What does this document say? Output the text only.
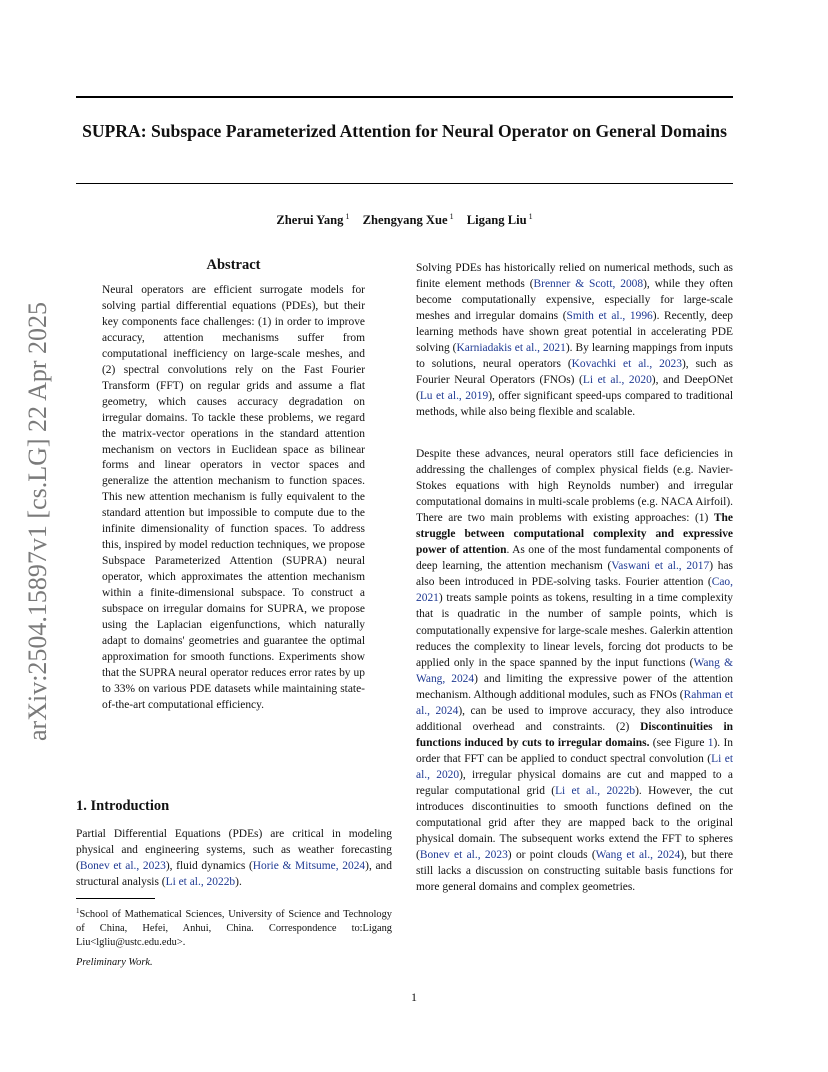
SUPRA: Subspace Parameterized Attention for Neural Operator on General Domains
Zherui Yang $^1$ Zhengyang Xue $^1$ Ligang Liu $^1$
arXiv:2504.15897v1 [cs.LG] 22 Apr 2025
Abstract

Neural operators are efficient surrogate models for solving partial differential equations (PDEs), but their key components face challenges: (1) in order to improve accuracy, attention mechanisms suffer from computational inefficiency on large-scale meshes, and (2) spectral convolutions rely on the Fast Fourier Transform (FFT) on regular grids and assume a flat geometry, which causes accuracy degradation on irregular domains. To tackle these problems, we regard the matrix-vector operations in the standard attention mechanism on vectors in Euclidean space as bilinear forms and linear operators in vector spaces and generalize the attention mechanism to function spaces. This new attention mechanism is fully equivalent to the standard attention but impossible to compute due to the infinite dimensionality of function spaces. To address this, inspired by model reduction techniques, we propose Subspace Parameterized Attention (SUPRA) neural operator, which approximates the attention mechanism within a finite-dimensional subspace. To construct a subspace on irregular domains for SUPRA, we propose using the Laplacian eigenfunctions, which naturally adapt to domains' geometries and guarantee the optimal approximation for smooth functions. Experiments show that the SUPRA neural operator reduces error rates by up to 33% on various PDE datasets while maintaining state-of-the-art computational efficiency.

1. Introduction

Partial Differential Equations (PDEs) are critical in modeling physical and engineering systems, such as weather forecasting (Bonev et al., 2023), fluid dynamics (Horie & Mitsume, 2024), and structural analysis (Li et al., 2022b).

$^1$School of Mathematical Sciences, University of Science and Technology of China, Hefei, Anhui, China. Correspondence to:Ligang Liu<lgliu@ustc.edu.edu>.

Preliminary Work.

Solving PDEs has historically relied on numerical methods, such as finite element methods (Brenner & Scott, 2008), while they often become computationally expensive, especially for large-scale meshes and irregular domains (Smith et al., 1996). Recently, deep learning methods have shown great potential in accelerating PDE solving (Karniadakis et al., 2021). By learning mappings from inputs to solutions, neural operators (Kovachki et al., 2023), such as Fourier Neural Operators (FNOs) (Li et al., 2020), and DeepONet (Lu et al., 2019), offer significant speed-ups compared to traditional methods, while also being flexible and scalable.

Despite these advances, neural operators still face deficiencies in addressing the challenges of complex physical fields (e.g. Navier-Stokes equations with high Reynolds number) and irregular computational domains in multi-scale problems (e.g. NACA Airfoil). There are two main problems with existing approaches: (1) The struggle between computational complexity and expressive power of attention. As one of the most fundamental components of deep learning, the attention mechanism (Vaswani et al., 2017) has also been introduced in PDE-solving tasks. Fourier attention (Cao, 2021) treats sample points as tokens, resulting in a time complexity that is quadratic in the number of sample points, which is computationally expensive for large-scale meshes. Galerkin attention reduces the complexity to linear levels, forcing dot products to be applied only in the space spanned by the input functions (Wang & Wang, 2024) and limiting the expressive power of the attention mechanism. Although additional modules, such as FNOs (Rahman et al., 2024), can be used to improve accuracy, they also introduce additional overhead and constraints. (2) Discontinuities in functions induced by cuts to irregular domains. (see Figure 1). In order that FFT can be applied to conduct spectral convolution (Li et al., 2020), irregular physical domains are cut and mapped to a regular computational grid (Li et al., 2022b). However, the cut introduces discontinuities to smooth functions defined on the computational grid after they are mapped back to the original physical domain. The subsequent works extend the FFT to spheres (Bonev et al., 2023) or point clouds (Wang et al., 2024), but there still lacks a discussion on constructing suitable basis functions for more general domains and complex geometries.

1
